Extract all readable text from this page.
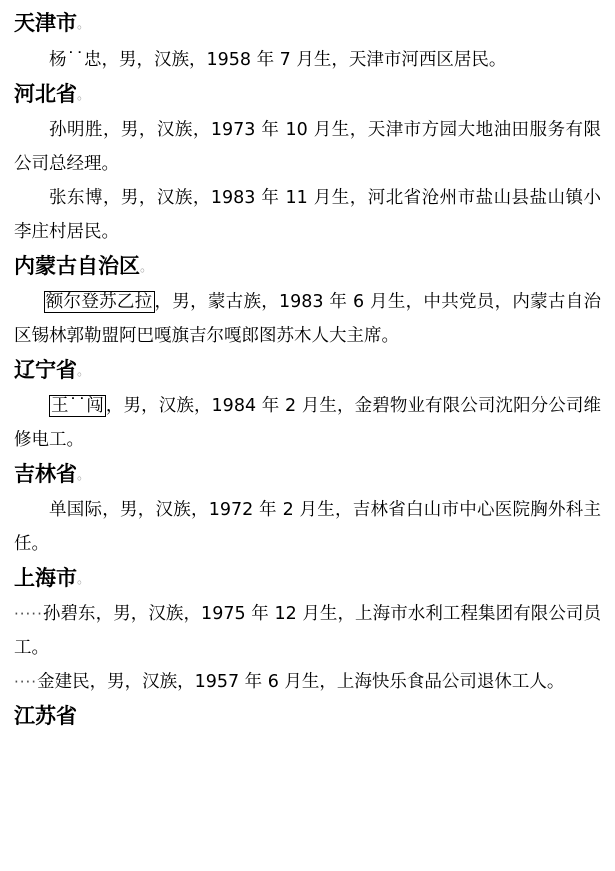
天津市。
杨˙˙忠，男，汉族，1958 年 7 月生，天津市河西区居民。
河北省。
孙明胜，男，汉族，1973 年 10 月生，天津市方园大地油田服务有限公司总经理。
张东博，男，汉族，1983 年 11 月生，河北省沧州市盐山县盐山镇小李庄村居民。
内蒙古自治区。
额尔登苏乙拉 ，男，蒙古族，1983 年 6 月生，中共党员，内蒙古自治区锡林郭勒盟阿巴嘎旗吉尔嘎郎图苏木人大主席。
辽宁省。
王˙˙闯 ，男，汉族，1984 年 2 月生，金碧物业有限公司沈阳分公司维修电工。
吉林省。
单国际，男，汉族，1972 年 2 月生，吉林省白山市中心医院胸外科主任。
上海市。
·····孙碧东，男，汉族，1975 年 12 月生，上海市水利工程集团有限公司员工。
····金建民，男，汉族，1957 年 6 月生，上海快乐食品公司退休工人。
江苏省
